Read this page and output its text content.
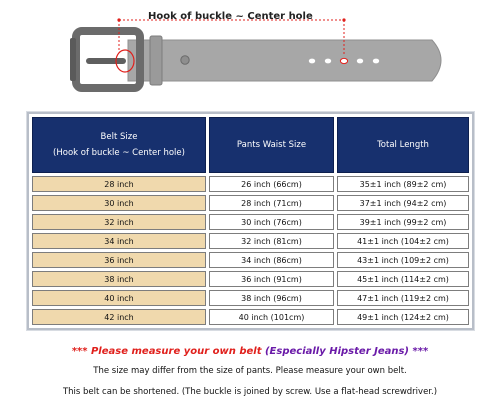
Hook of buckle ~ Center hole
Belt Size
(Hook of buckle ~ Center hole)	Pants Waist Size	Total Length
28 inch	26 inch (66cm)	35±1 inch (89±2 cm)
30 inch	28 inch (71cm)	37±1 inch (94±2 cm)
32 inch	30 inch (76cm)	39±1 inch (99±2 cm)
34 inch	32 inch (81cm)	41±1 inch (104±2 cm)
36 inch	34 inch (86cm)	43±1 inch (109±2 cm)
38 inch	36 inch (91cm)	45±1 inch (114±2 cm)
40 inch	38 inch (96cm)	47±1 inch (119±2 cm)
42 inch	40 inch (101cm)	49±1 inch (124±2 cm)
*** Please measure your own belt (Especially Hipster Jeans) ***
The size may differ from the size of pants. Please measure your own belt.
This belt can be shortened. (The buckle is joined by screw. Use a flat-head screwdriver.)
